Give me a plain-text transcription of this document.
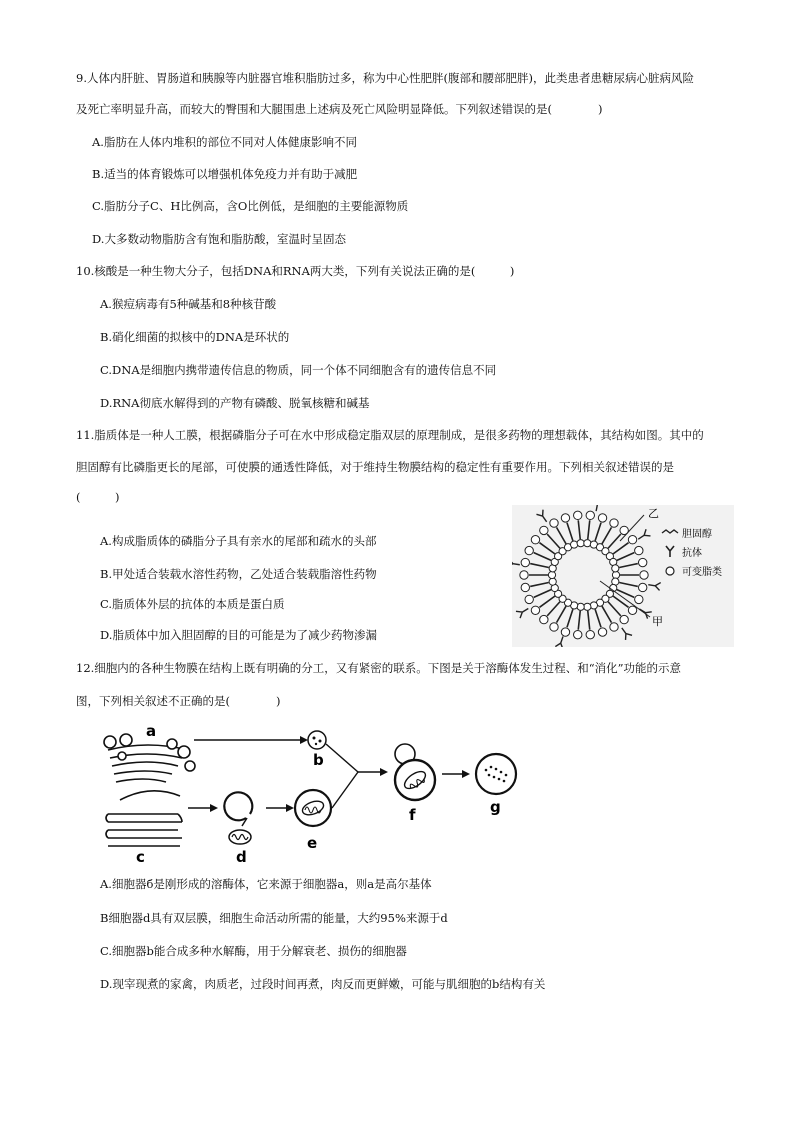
9.人体内肝脏、胃肠道和胰腺等内脏器官堆积脂肪过多，称为中心性肥胖(腹部和腰部肥胖)，此类患者患糖尿病心脏病风险
及死亡率明显升高，而较大的臀围和大腿围患上述病及死亡风险明显降低。下列叙述错误的是(　　　　)
A.脂肪在人体内堆积的部位不同对人体健康影响不同
B.适当的体育锻炼可以增强机体免疫力并有助于减肥
C.脂肪分子C、H比例高，含O比例低，是细胞的主要能源物质
D.大多数动物脂肪含有饱和脂肪酸，室温时呈固态
10.核酸是一种生物大分子，包括DNA和RNA两大类，下列有关说法正确的是(　　　)
A.猴痘病毒有5种碱基和8种核苷酸
B.硝化细菌的拟核中的DNA是环状的
C.DNA是细胞内携带遗传信息的物质，同一个体不同细胞含有的遗传信息不同
D.RNA彻底水解得到的产物有磷酸、脱氧核糖和碱基
11.脂质体是一种人工膜，根据磷脂分子可在水中形成稳定脂双层的原理制成，是很多药物的理想载体，其结构如图。其中的
胆固醇有比磷脂更长的尾部，可使膜的通透性降低，对于维持生物膜结构的稳定性有重要作用。下列相关叙述错误的是
(　　　)
A.构成脂质体的磷脂分子具有亲水的尾部和疏水的头部
B.甲处适合装载水溶性药物，乙处适合装载脂溶性药物
C.脂质体外层的抗体的本质是蛋白质
D.脂质体中加入胆固醇的目的可能是为了减少药物渗漏
乙
甲
胆固醇
抗体
可变脂类
12.细胞内的各种生物膜在结构上既有明确的分工，又有紧密的联系。下图是关于溶酶体发生过程、和“消化”功能的示意
图，下列相关叙述不正确的是(　　　　)
a
b
c	d
e
f	g
A.细胞器б是刚形成的溶酶体，它来源于细胞器a，则a是高尔基体
B细胞器d具有双层膜，细胞生命活动所需的能量，大约95%来源于d
C.细胞器b能合成多种水解酶，用于分解衰老、损伤的细胞器
D.现宰现煮的家禽，肉质老，过段时间再煮，肉反而更鲜嫩，可能与肌细胞的b结构有关
